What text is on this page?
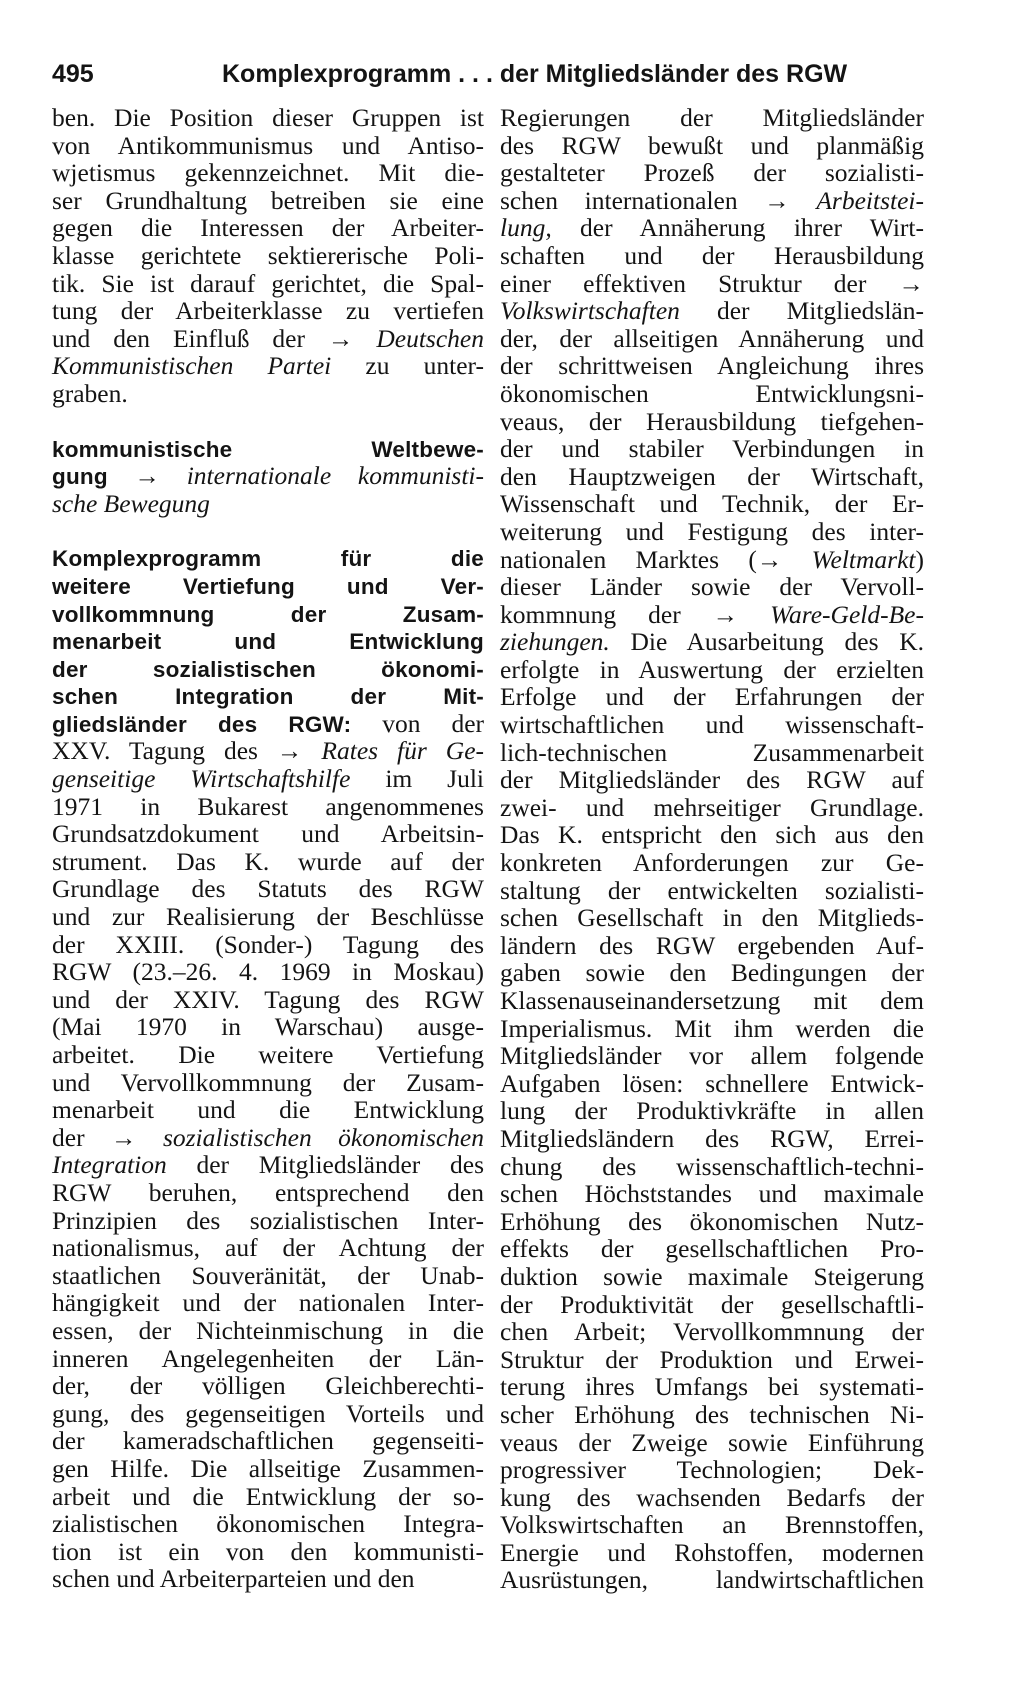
495	Komplexprogramm . . . der Mitgliedsländer des RGW
ben. Die Position dieser Gruppen ist
von Antikommunismus und Antiso-
wjetismus gekennzeichnet. Mit die-
ser Grundhaltung betreiben sie eine
gegen die Interessen der Arbeiter-
klasse gerichtete sektiererische Poli-
tik. Sie ist darauf gerichtet, die Spal-
tung der Arbeiterklasse zu vertiefen
und den Einfluß der → Deutschen
Kommunistischen Partei zu unter-
graben.
kommunistische Weltbewe-
gung → internationale kommunisti-
sche Bewegung
Komplexprogramm für die
weitere Vertiefung und Ver-
vollkommnung der Zusam-
menarbeit und Entwicklung
der sozialistischen ökonomi-
schen Integration der Mit-
gliedsländer des RGW: von der
XXV. Tagung des → Rates für Ge-
genseitige Wirtschaftshilfe im Juli
1971 in Bukarest angenommenes
Grundsatzdokument und Arbeitsin-
strument. Das K. wurde auf der
Grundlage des Statuts des RGW
und zur Realisierung der Beschlüsse
der XXIII. (Sonder-) Tagung des
RGW (23.–26. 4. 1969 in Moskau)
und der XXIV. Tagung des RGW
(Mai 1970 in Warschau) ausge-
arbeitet. Die weitere Vertiefung
und Vervollkommnung der Zusam-
menarbeit und die Entwicklung
der → sozialistischen ökonomischen
Integration der Mitgliedsländer des
RGW beruhen, entsprechend den
Prinzipien des sozialistischen Inter-
nationalismus, auf der Achtung der
staatlichen Souveränität, der Unab-
hängigkeit und der nationalen Inter-
essen, der Nichteinmischung in die
inneren Angelegenheiten der Län-
der, der völligen Gleichberechti-
gung, des gegenseitigen Vorteils und
der kameradschaftlichen gegenseiti-
gen Hilfe. Die allseitige Zusammen-
arbeit und die Entwicklung der so-
zialistischen ökonomischen Integra-
tion ist ein von den kommunisti-
schen und Arbeiterparteien und den
Regierungen der Mitgliedsländer
des RGW bewußt und planmäßig
gestalteter Prozeß der sozialisti-
schen internationalen → Arbeitstei-
lung, der Annäherung ihrer Wirt-
schaften und der Herausbildung
einer effektiven Struktur der →
Volkswirtschaften der Mitgliedslän-
der, der allseitigen Annäherung und
der schrittweisen Angleichung ihres
ökonomischen Entwicklungsni-
veaus, der Herausbildung tiefgehen-
der und stabiler Verbindungen in
den Hauptzweigen der Wirtschaft,
Wissenschaft und Technik, der Er-
weiterung und Festigung des inter-
nationalen Marktes (→ Weltmarkt)
dieser Länder sowie der Vervoll-
kommnung der → Ware-Geld-Be-
ziehungen. Die Ausarbeitung des K.
erfolgte in Auswertung der erzielten
Erfolge und der Erfahrungen der
wirtschaftlichen und wissenschaft-
lich-technischen Zusammenarbeit
der Mitgliedsländer des RGW auf
zwei- und mehrseitiger Grundlage.
Das K. entspricht den sich aus den
konkreten Anforderungen zur Ge-
staltung der entwickelten sozialisti-
schen Gesellschaft in den Mitglieds-
ländern des RGW ergebenden Auf-
gaben sowie den Bedingungen der
Klassenauseinandersetzung mit dem
Imperialismus. Mit ihm werden die
Mitgliedsländer vor allem folgende
Aufgaben lösen: schnellere Entwick-
lung der Produktivkräfte in allen
Mitgliedsländern des RGW, Errei-
chung des wissenschaftlich-techni-
schen Höchststandes und maximale
Erhöhung des ökonomischen Nutz-
effekts der gesellschaftlichen Pro-
duktion sowie maximale Steigerung
der Produktivität der gesellschaftli-
chen Arbeit; Vervollkommnung der
Struktur der Produktion und Erwei-
terung ihres Umfangs bei systemati-
scher Erhöhung des technischen Ni-
veaus der Zweige sowie Einführung
progressiver Technologien; Dek-
kung des wachsenden Bedarfs der
Volkswirtschaften an Brennstoffen,
Energie und Rohstoffen, modernen
Ausrüstungen, landwirtschaftlichen
